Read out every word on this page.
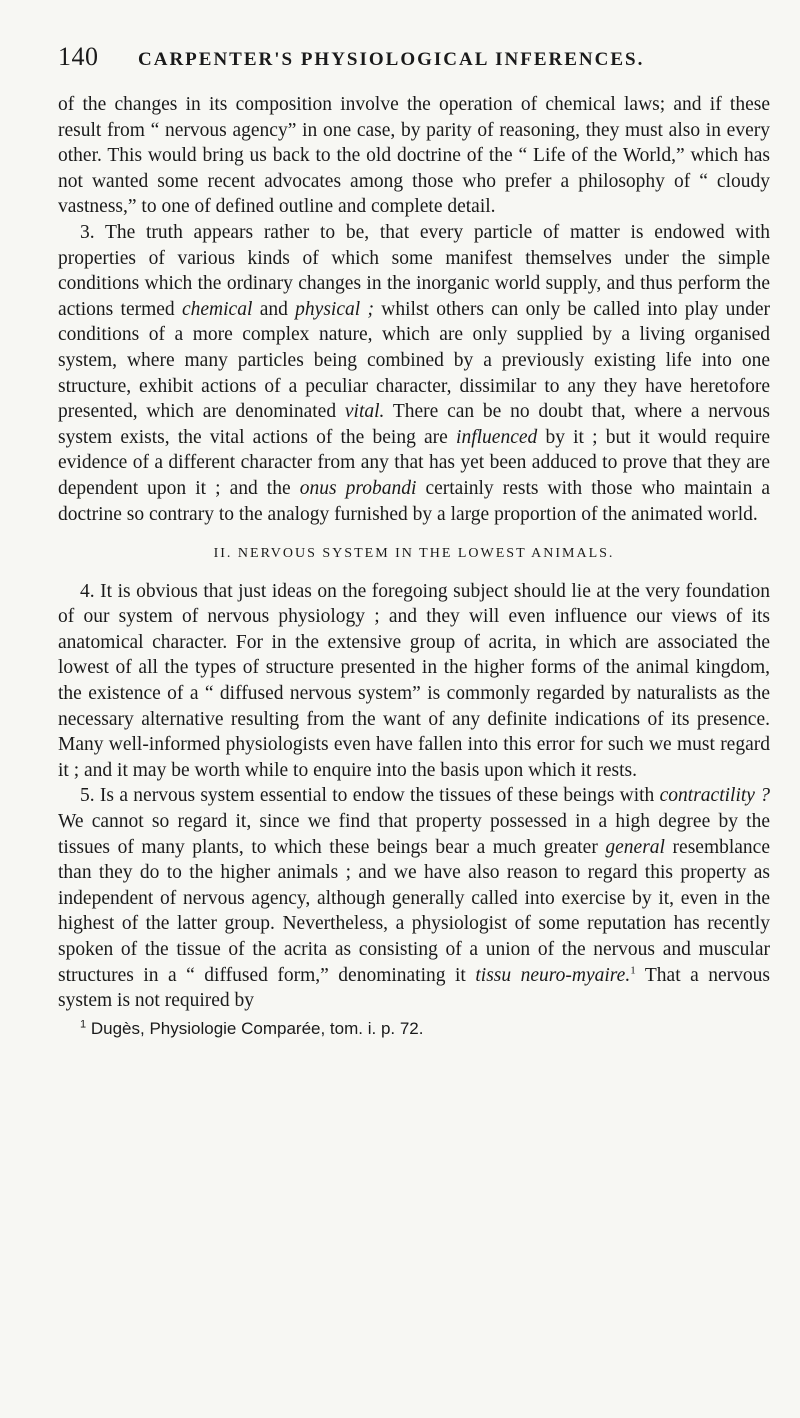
140	CARPENTER'S PHYSIOLOGICAL INFERENCES.

of the changes in its composition involve the operation of chemical laws; and if these result from “ nervous agency” in one case, by parity of reasoning, they must also in every other. This would bring us back to the old doctrine of the “ Life of the World,” which has not wanted some recent advocates among those who prefer a philosophy of “ cloudy vastness,” to one of defined outline and complete detail.

3. The truth appears rather to be, that every particle of matter is endowed with properties of various kinds of which some manifest themselves under the simple conditions which the ordinary changes in the inorganic world supply, and thus perform the actions termed chemical and physical ; whilst others can only be called into play under conditions of a more complex nature, which are only supplied by a living organised system, where many particles being combined by a previously existing life into one structure, exhibit actions of a peculiar character, dissimilar to any they have heretofore presented, which are denominated vital. There can be no doubt that, where a nervous system exists, the vital actions of the being are influenced by it ; but it would require evidence of a different character from any that has yet been adduced to prove that they are dependent upon it ; and the onus probandi certainly rests with those who maintain a doctrine so contrary to the analogy furnished by a large proportion of the animated world.

II. NERVOUS SYSTEM IN THE LOWEST ANIMALS.

4. It is obvious that just ideas on the foregoing subject should lie at the very foundation of our system of nervous physiology ; and they will even influence our views of its anatomical character. For in the extensive group of acrita, in which are associated the lowest of all the types of structure presented in the higher forms of the animal kingdom, the existence of a “ diffused nervous system” is commonly regarded by naturalists as the necessary alternative resulting from the want of any definite indications of its presence. Many well-informed physiologists even have fallen into this error for such we must regard it ; and it may be worth while to enquire into the basis upon which it rests.

5. Is a nervous system essential to endow the tissues of these beings with contractility ? We cannot so regard it, since we find that property possessed in a high degree by the tissues of many plants, to which these beings bear a much greater general resemblance than they do to the higher animals ; and we have also reason to regard this property as independent of nervous agency, although generally called into exercise by it, even in the highest of the latter group. Nevertheless, a physiologist of some reputation has recently spoken of the tissue of the acrita as consisting of a union of the nervous and muscular structures in a “ diffused form,” denominating it tissu neuro-myaire.$^1$ That a nervous system is not required by

$^1$ Dugès, Physiologie Comparée, tom. i. p. 72.
